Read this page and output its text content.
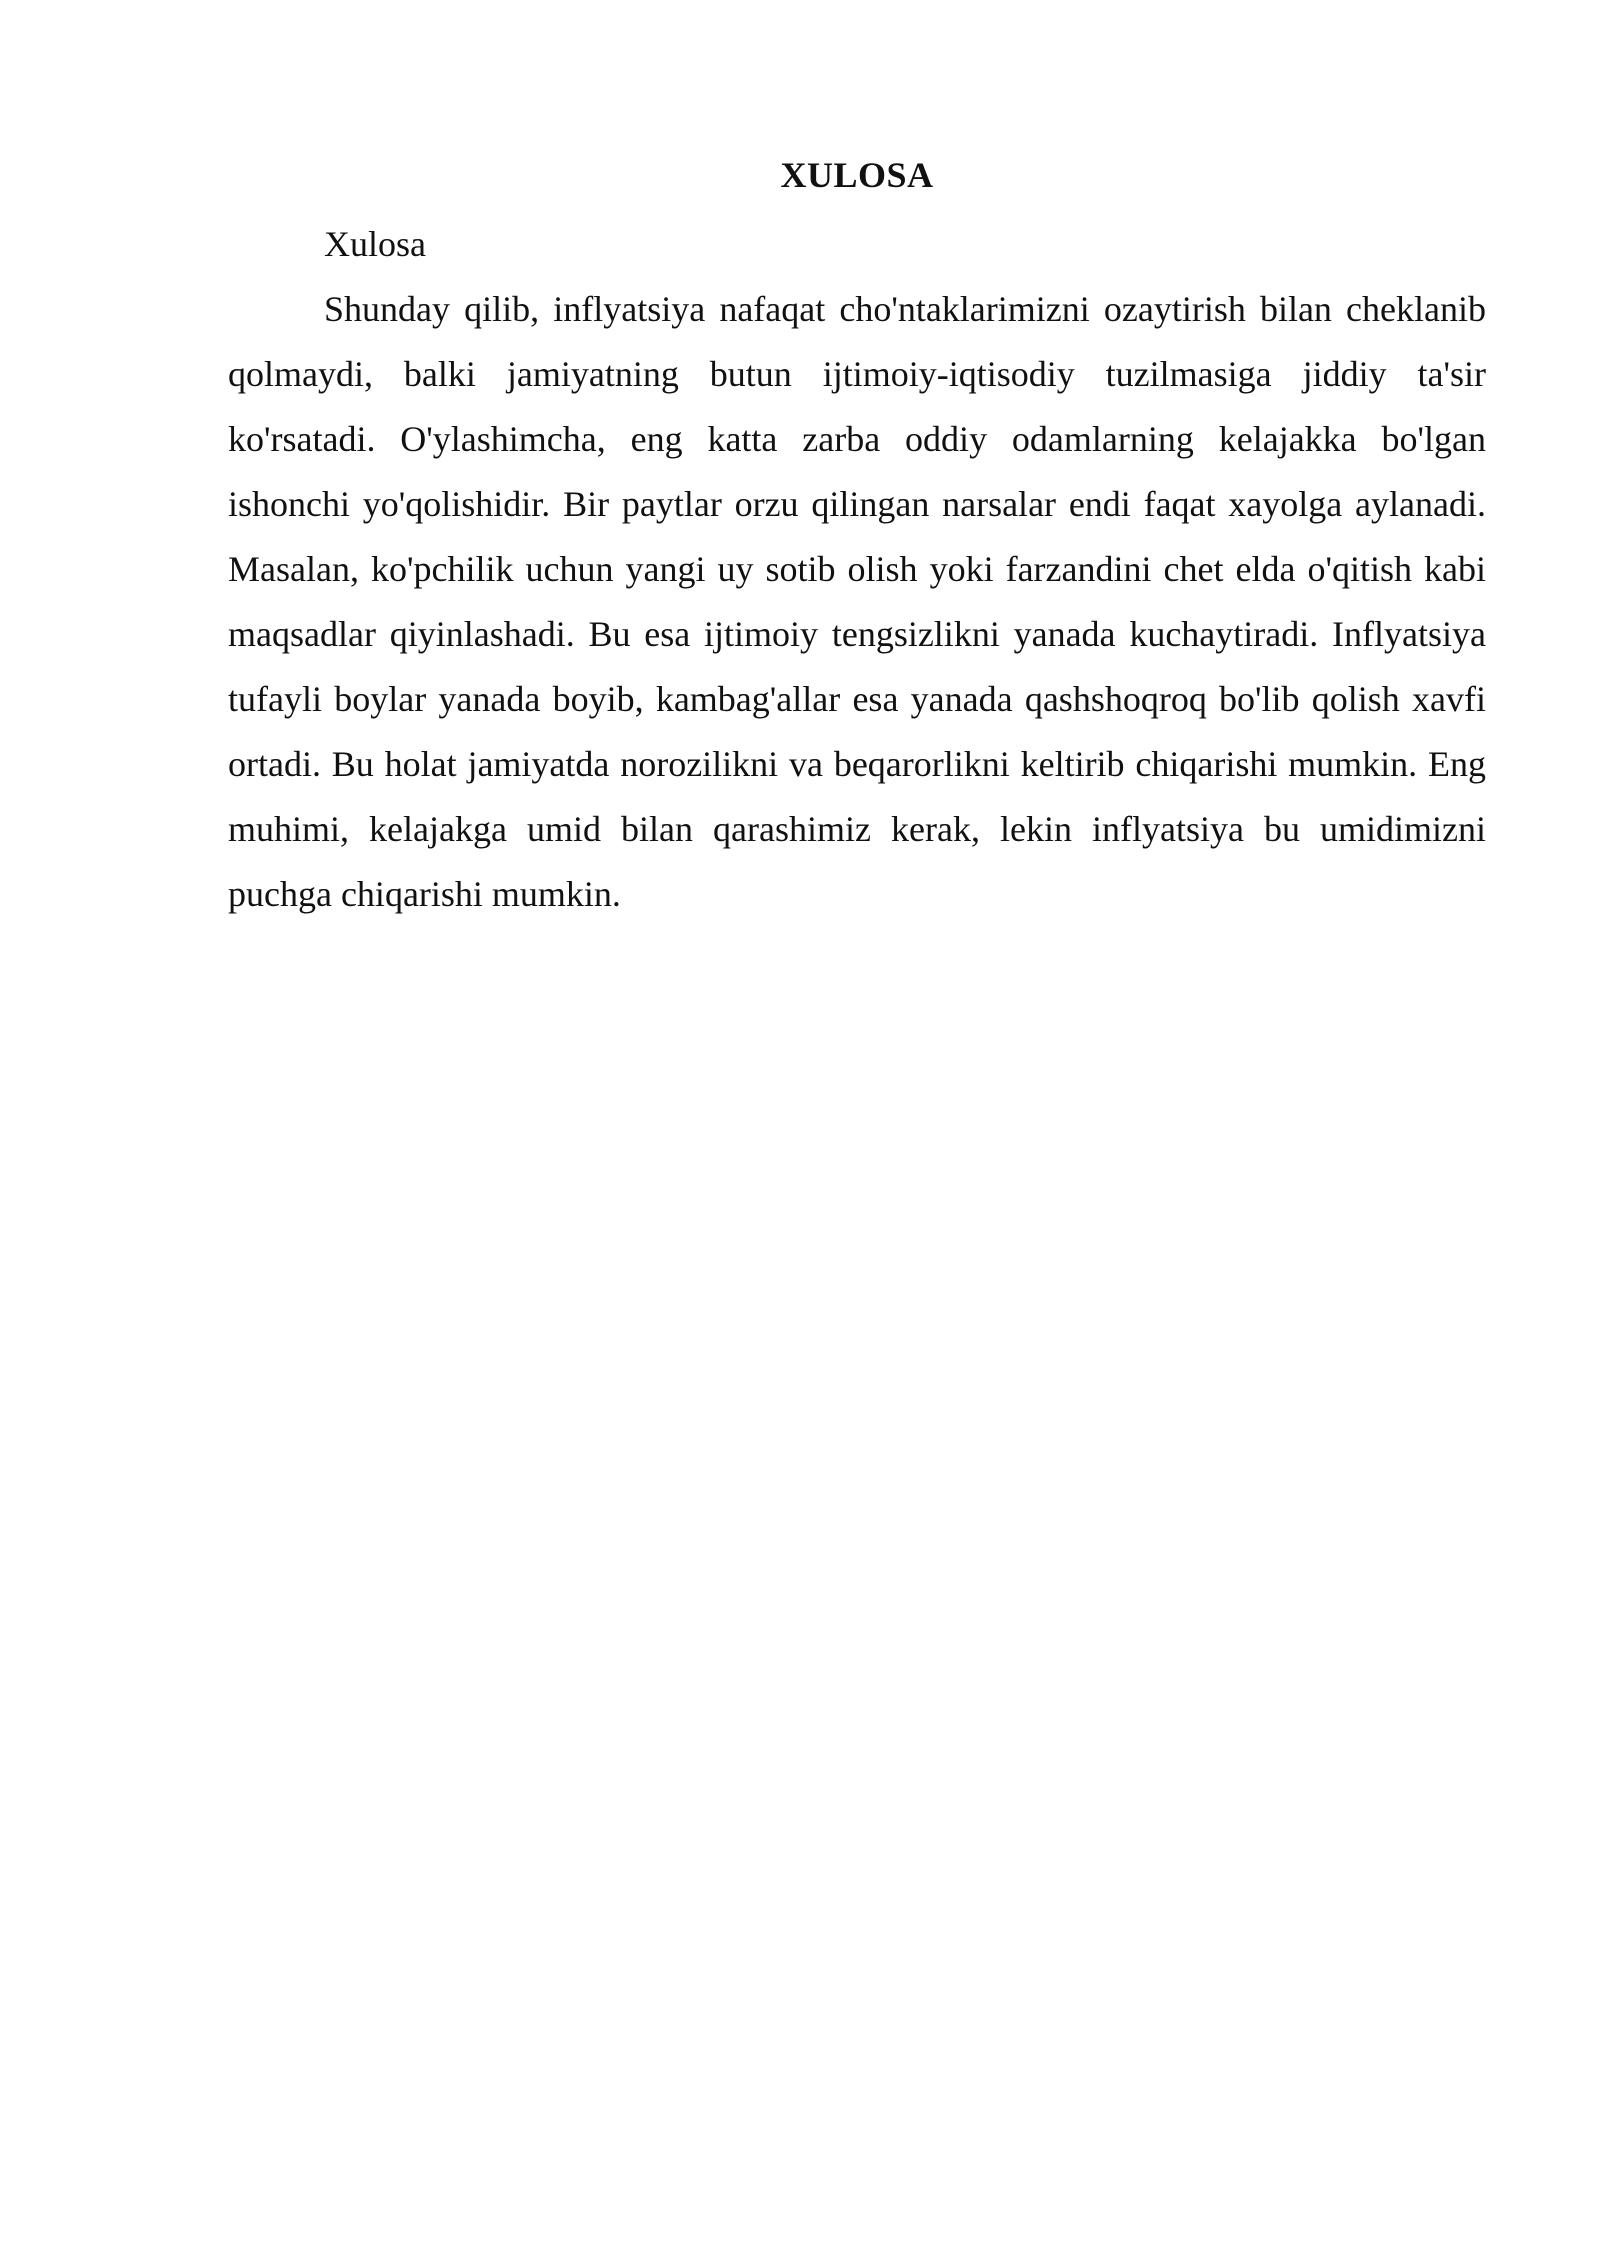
XULOSA

Xulosa

Shunday qilib, inflyatsiya nafaqat cho'ntaklarimizni ozaytirish bilan cheklanib qolmaydi, balki jamiyatning butun ijtimoiy-iqtisodiy tuzilmasiga jiddiy ta'sir ko'rsatadi. O'ylashimcha, eng katta zarba oddiy odamlarning kelajakka bo'lgan ishonchi yo'qolishidir. Bir paytlar orzu qilingan narsalar endi faqat xayolga aylanadi. Masalan, ko'pchilik uchun yangi uy sotib olish yoki farzandini chet elda o'qitish kabi maqsadlar qiyinlashadi. Bu esa ijtimoiy tengsizlikni yanada kuchaytiradi. Inflyatsiya tufayli boylar yanada boyib, kambag'allar esa yanada qashshoqroq bo'lib qolish xavfi ortadi. Bu holat jamiyatda norozilikni va beqarorlikni keltirib chiqarishi mumkin. Eng muhimi, kelajakga umid bilan qarashimiz kerak, lekin inflyatsiya bu umidimizni puchga chiqarishi mumkin.
